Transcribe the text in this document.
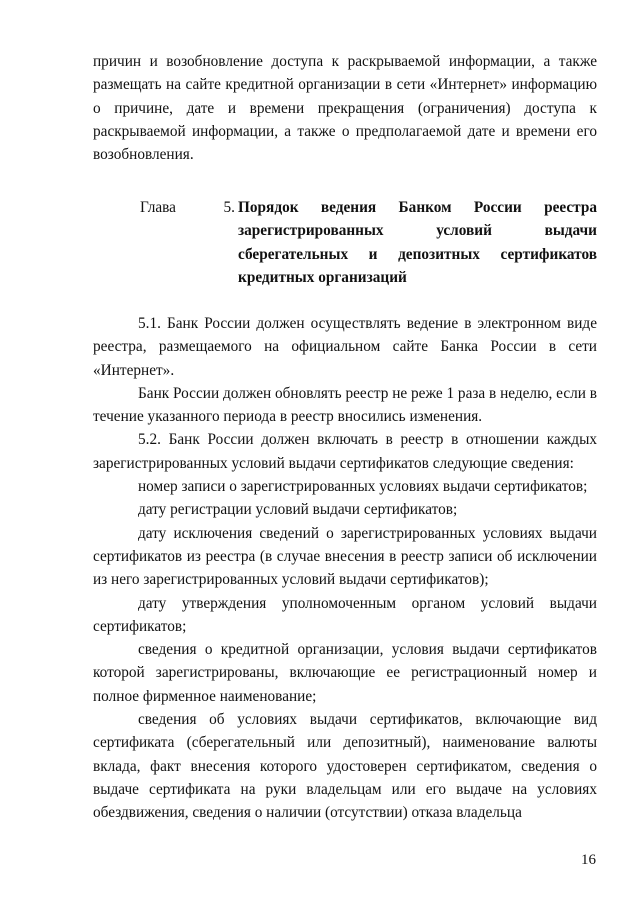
причин и возобновление доступа к раскрываемой информации, а также размещать на сайте кредитной организации в сети «Интернет» информацию о причине, дате и времени прекращения (ограничения) доступа к раскрываемой информации, а также о предполагаемой дате и времени его возобновления.

Глава	5. Порядок ведения Банком России реестра зарегистрированных условий выдачи сберегательных и депозитных сертификатов кредитных организаций

5.1. Банк России должен осуществлять ведение в электронном виде реестра, размещаемого на официальном сайте Банка России в сети «Интернет».

Банк России должен обновлять реестр не реже 1 раза в неделю, если в течение указанного периода в реестр вносились изменения.

5.2. Банк России должен включать в реестр в отношении каждых зарегистрированных условий выдачи сертификатов следующие сведения:

номер записи о зарегистрированных условиях выдачи сертификатов;

дату регистрации условий выдачи сертификатов;

дату исключения сведений о зарегистрированных условиях выдачи сертификатов из реестра (в случае внесения в реестр записи об исключении из него зарегистрированных условий выдачи сертификатов);

дату утверждения уполномоченным органом условий выдачи сертификатов;

сведения о кредитной организации, условия выдачи сертификатов которой зарегистрированы, включающие ее регистрационный номер и полное фирменное наименование;

сведения об условиях выдачи сертификатов, включающие вид сертификата (сберегательный или депозитный), наименование валюты вклада, факт внесения которого удостоверен сертификатом, сведения о выдаче сертификата на руки владельцам или его выдаче на условиях обездвижения, сведения о наличии (отсутствии) отказа владельца

16
